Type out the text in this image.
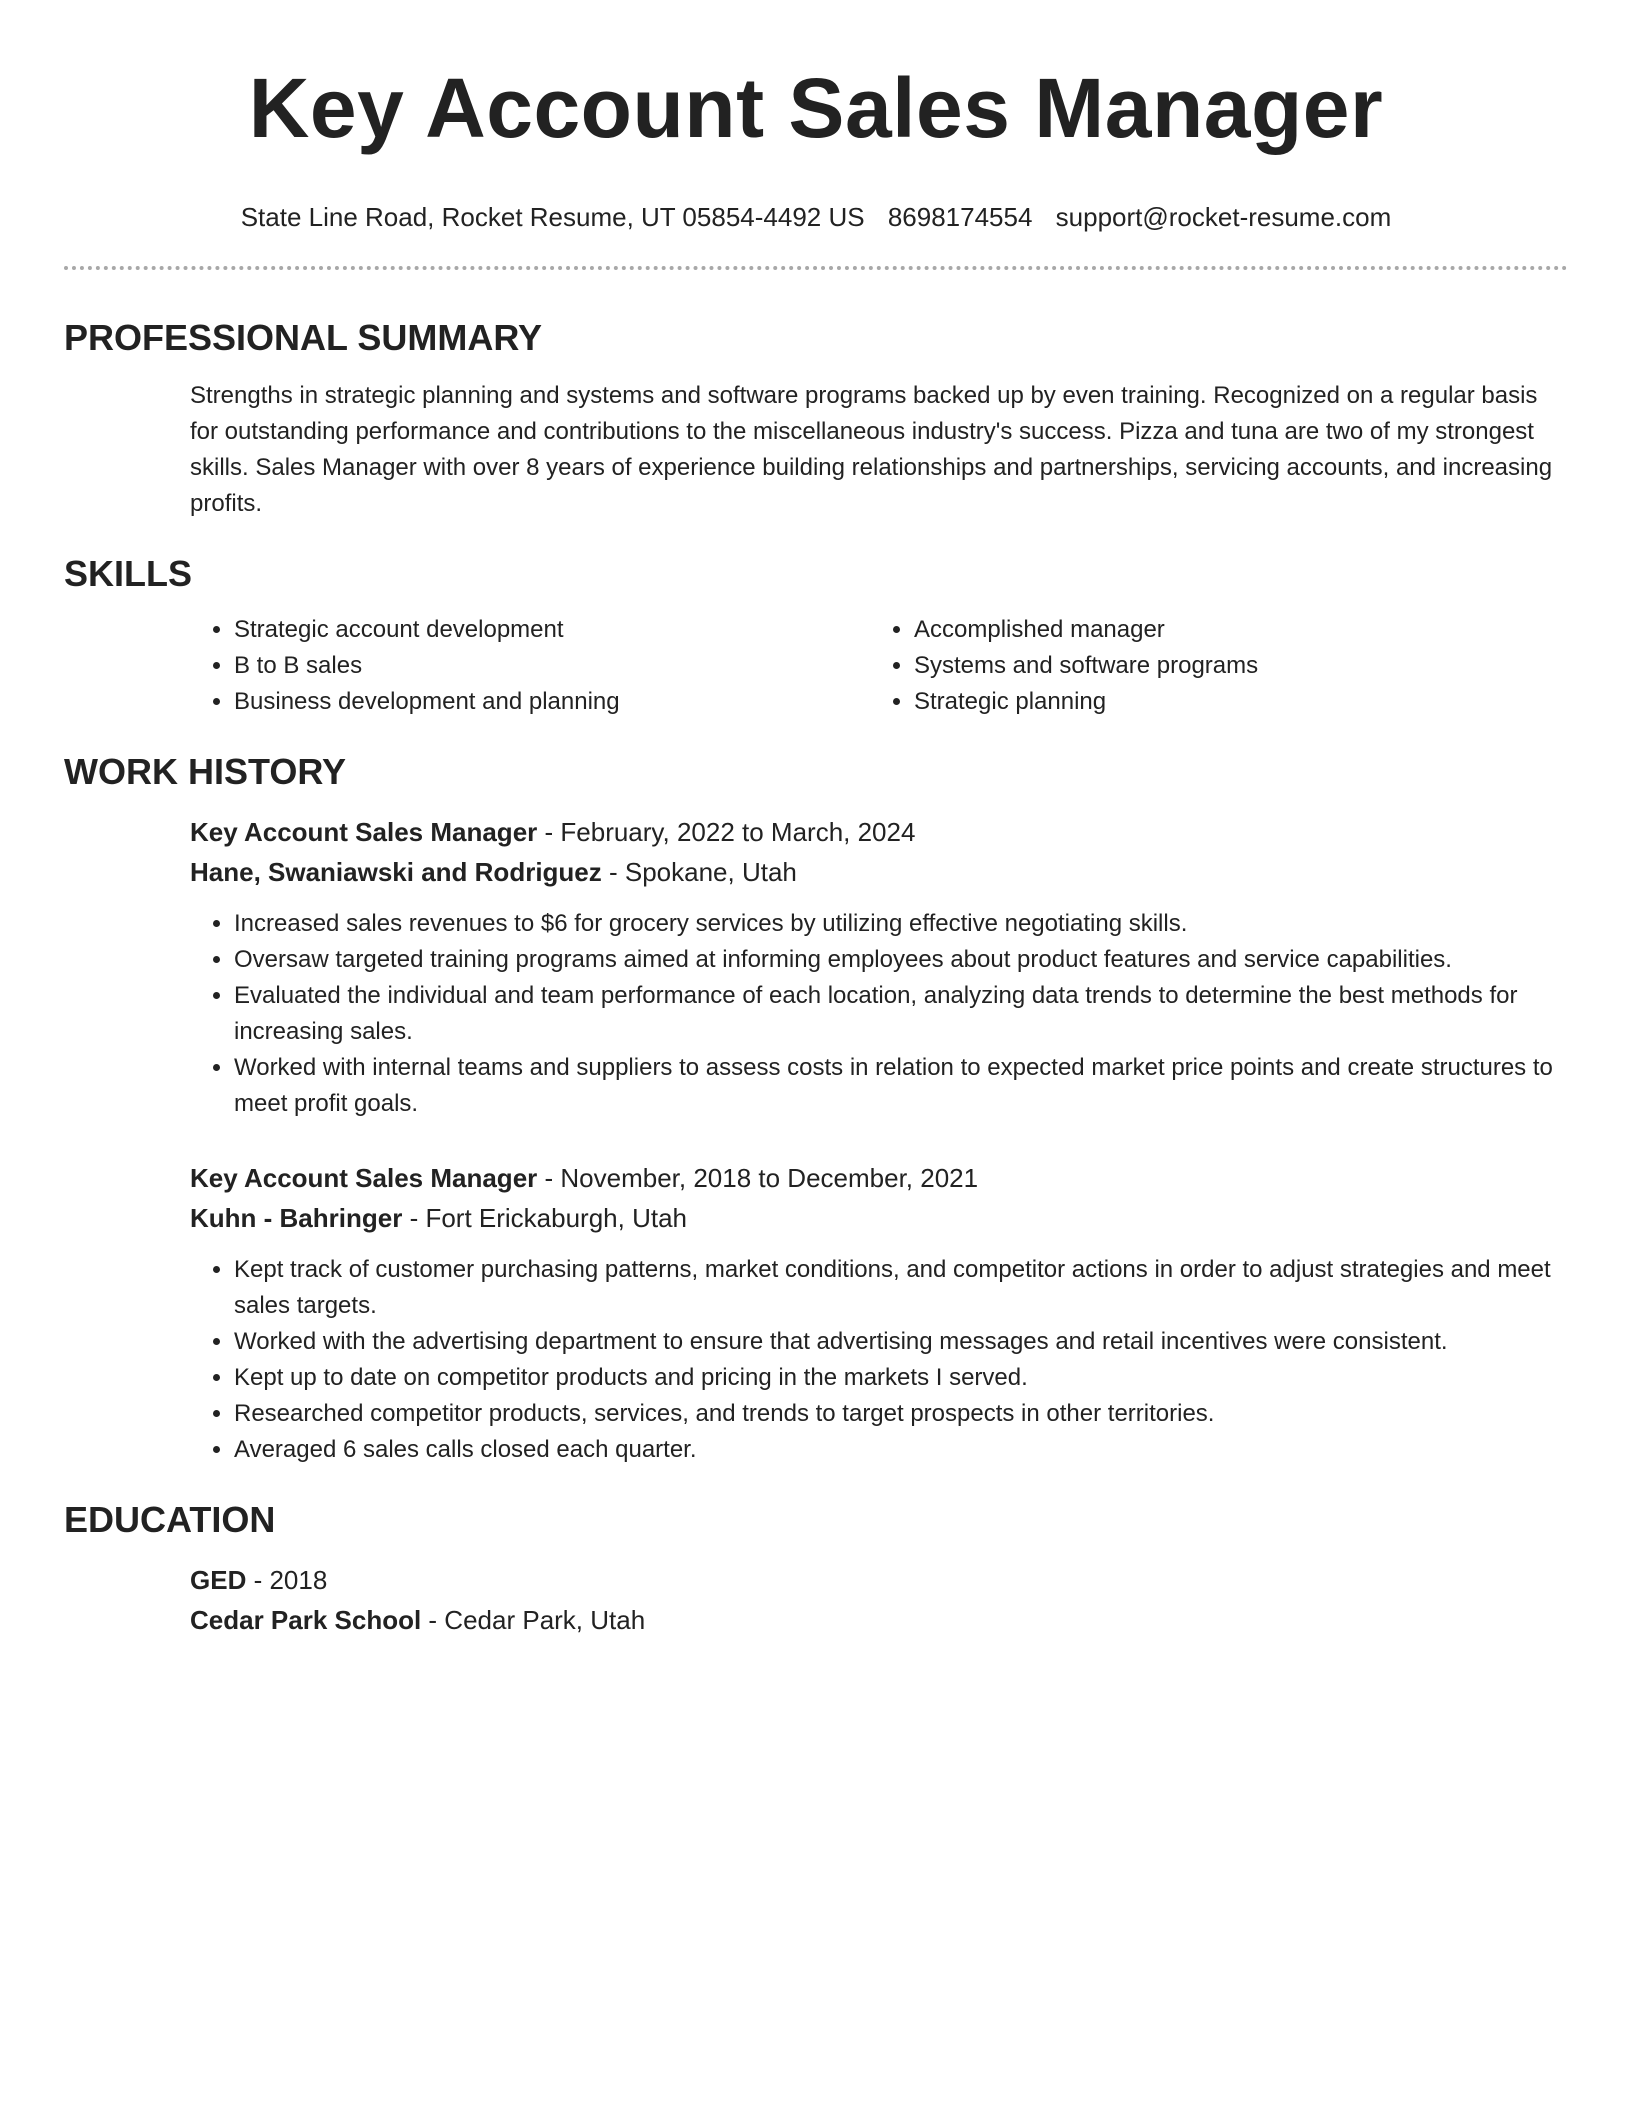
Key Account Sales Manager
State Line Road, Rocket Resume, UT 05854-4492 US 8698174554 support@rocket-resume.com
PROFESSIONAL SUMMARY
Strengths in strategic planning and systems and software programs backed up by even training. Recognized on a regular basis for outstanding performance and contributions to the miscellaneous industry's success. Pizza and tuna are two of my strongest skills. Sales Manager with over 8 years of experience building relationships and partnerships, servicing accounts, and increasing profits.
SKILLS
• Strategic account development
• B to B sales
• Business development and planning
• Accomplished manager
• Systems and software programs
• Strategic planning
WORK HISTORY
Key Account Sales Manager - February, 2022 to March, 2024
Hane, Swaniawski and Rodriguez - Spokane, Utah
• Increased sales revenues to $6 for grocery services by utilizing effective negotiating skills.
• Oversaw targeted training programs aimed at informing employees about product features and service capabilities.
• Evaluated the individual and team performance of each location, analyzing data trends to determine the best methods for increasing sales.
• Worked with internal teams and suppliers to assess costs in relation to expected market price points and create structures to meet profit goals.
Key Account Sales Manager - November, 2018 to December, 2021
Kuhn - Bahringer - Fort Erickaburgh, Utah
• Kept track of customer purchasing patterns, market conditions, and competitor actions in order to adjust strategies and meet sales targets.
• Worked with the advertising department to ensure that advertising messages and retail incentives were consistent.
• Kept up to date on competitor products and pricing in the markets I served.
• Researched competitor products, services, and trends to target prospects in other territories.
• Averaged 6 sales calls closed each quarter.
EDUCATION
GED - 2018
Cedar Park School - Cedar Park, Utah
